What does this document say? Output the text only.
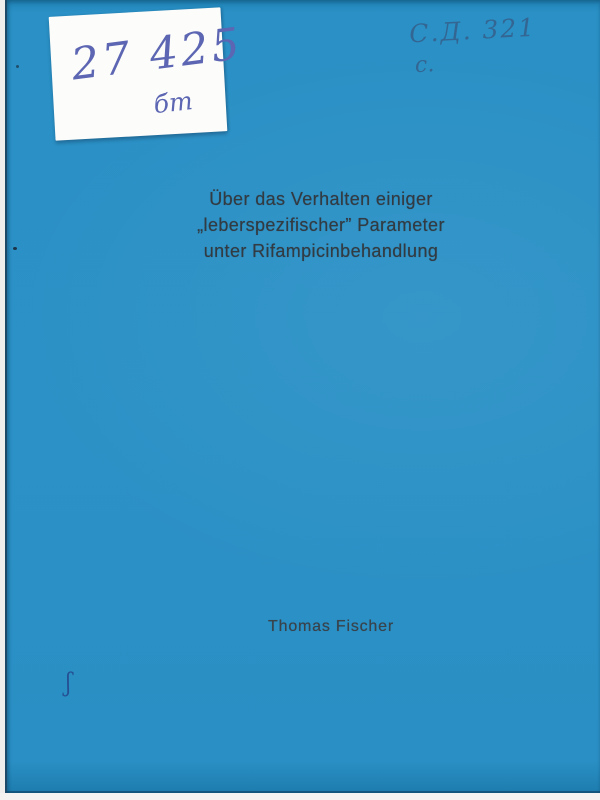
27 425
бт
С.Д. 321
с.
Über das Verhalten einiger
„leberspezifischer” Parameter
unter Rifampicinbehandlung
Thomas Fischer
ʃ
